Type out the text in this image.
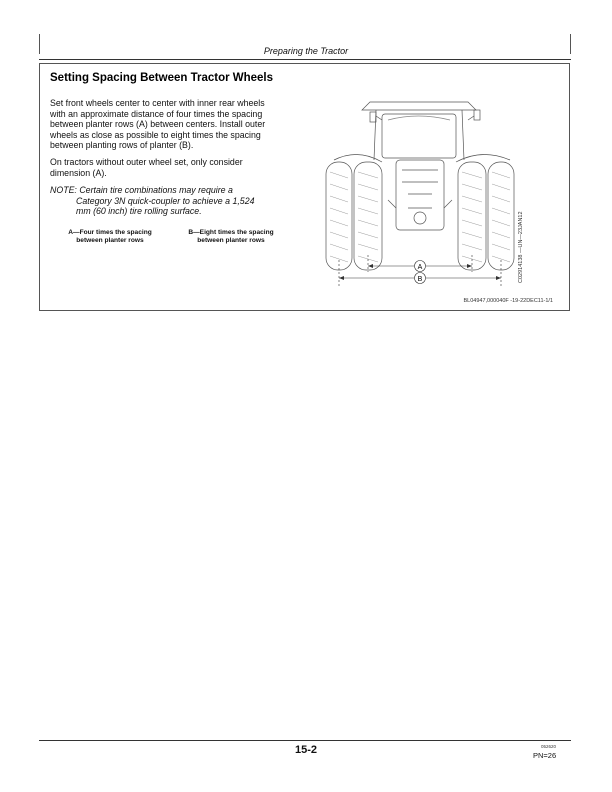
Preparing the Tractor
Setting Spacing Between Tractor Wheels
Set front wheels center to center with inner rear wheels
with an approximate distance of four times the spacing
between planter rows (A) between centers. Install outer
wheels as close as possible to eight times the spacing
between planting rows of planter (B).
On tractors without outer wheel set, only consider
dimension (A).
NOTE: Certain tire combinations may require a
Category 3N quick-coupler to achieve a 1,524
mm (60 inch) tire rolling surface.
A—Four times the spacing
between planter rows
B—Eight times the spacing
between planter rows
A
B	C02914138 —UN—23JAN12
BL04947,000040F -19-22DEC11-1/1
15-2	052620
PN=26
